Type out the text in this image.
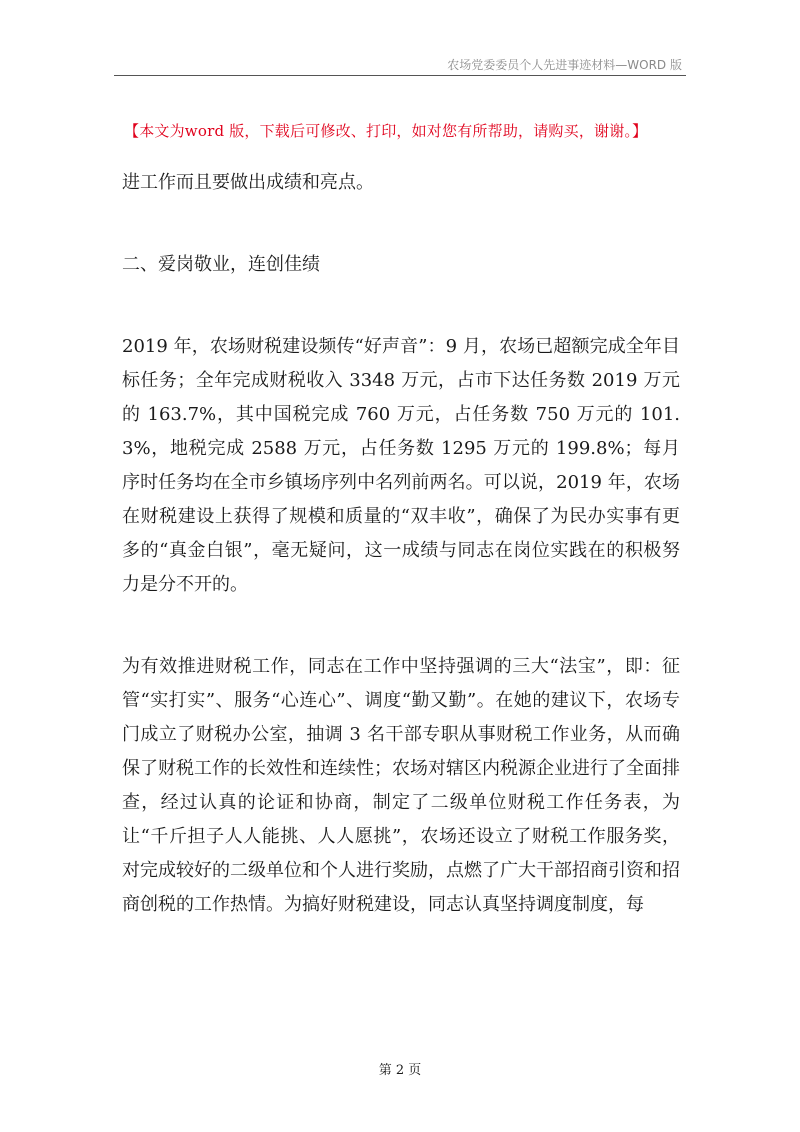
农场党委委员个人先进事迹材料—WORD 版
【本文为word 版，下载后可修改、打印，如对您有所帮助，请购买，谢谢。】

进工作而且要做出成绩和亮点。

二、爱岗敬业，连创佳绩

2019 年，农场财税建设频传“好声音”：9 月，农场已超额完成全年目标任务；全年完成财税收入 3348 万元，占市下达任务数 2019 万元的 163.7%，其中国税完成 760 万元，占任务数 750 万元的 101.3%，地税完成 2588 万元，占任务数 1295 万元的 199.8%；每月序时任务均在全市乡镇场序列中名列前两名。可以说，2019 年，农场在财税建设上获得了规模和质量的“双丰收”，确保了为民办实事有更多的“真金白银”，毫无疑问，这一成绩与同志在岗位实践在的积极努力是分不开的。

为有效推进财税工作，同志在工作中坚持强调的三大“法宝”，即：征管“实打实”、服务“心连心”、调度“勤又勤”。在她的建议下，农场专门成立了财税办公室，抽调 3 名干部专职从事财税工作业务，从而确保了财税工作的长效性和连续性；农场对辖区内税源企业进行了全面排查，经过认真的论证和协商，制定了二级单位财税工作任务表，为让“千斤担子人人能挑、人人愿挑”，农场还设立了财税工作服务奖，对完成较好的二级单位和个人进行奖励，点燃了广大干部招商引资和招商创税的工作热情。为搞好财税建设，同志认真坚持调度制度，每

第 2 页
